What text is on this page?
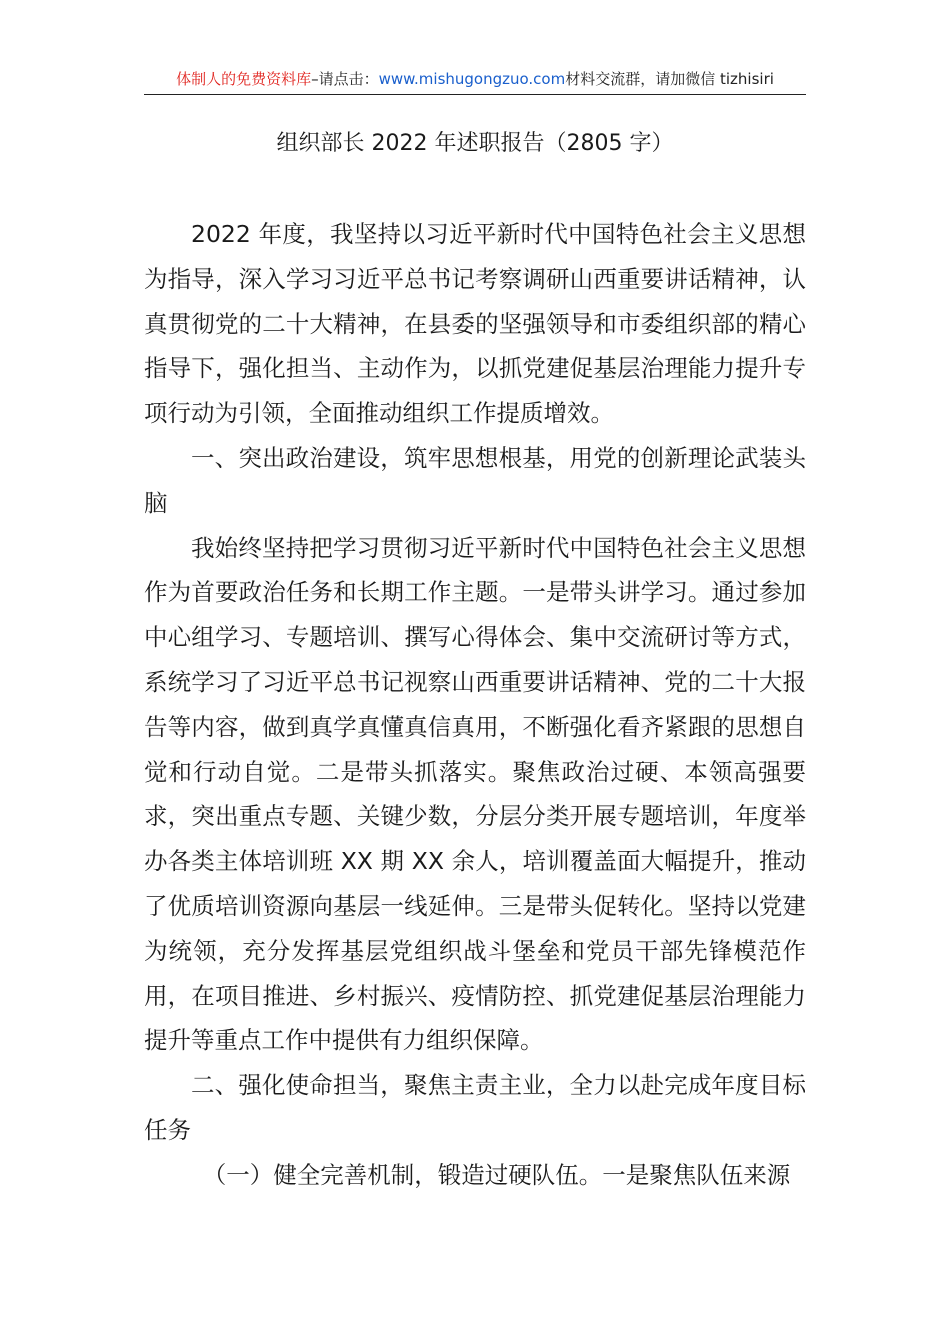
体制人的免费资料库–请点击：www.mishugongzuo.com材料交流群，请加微信 tizhisiri
组织部长 2022 年述职报告（2805 字）

2022 年度，我坚持以习近平新时代中国特色社会主义思想为指导，深入学习习近平总书记考察调研山西重要讲话精神，认真贯彻党的二十大精神，在县委的坚强领导和市委组织部的精心指导下，强化担当、主动作为，以抓党建促基层治理能力提升专项行动为引领，全面推动组织工作提质增效。

一、突出政治建设，筑牢思想根基，用党的创新理论武装头脑

我始终坚持把学习贯彻习近平新时代中国特色社会主义思想作为首要政治任务和长期工作主题。一是带头讲学习。通过参加中心组学习、专题培训、撰写心得体会、集中交流研讨等方式，系统学习了习近平总书记视察山西重要讲话精神、党的二十大报告等内容，做到真学真懂真信真用，不断强化看齐紧跟的思想自觉和行动自觉。二是带头抓落实。聚焦政治过硬、本领高强要求，突出重点专题、关键少数，分层分类开展专题培训，年度举办各类主体培训班 XX 期 XX 余人，培训覆盖面大幅提升，推动了优质培训资源向基层一线延伸。三是带头促转化。坚持以党建为统领，充分发挥基层党组织战斗堡垒和党员干部先锋模范作用，在项目推进、乡村振兴、疫情防控、抓党建促基层治理能力提升等重点工作中提供有力组织保障。

二、强化使命担当，聚焦主责主业，全力以赴完成年度目标任务

（一）健全完善机制，锻造过硬队伍。一是聚焦队伍来源
